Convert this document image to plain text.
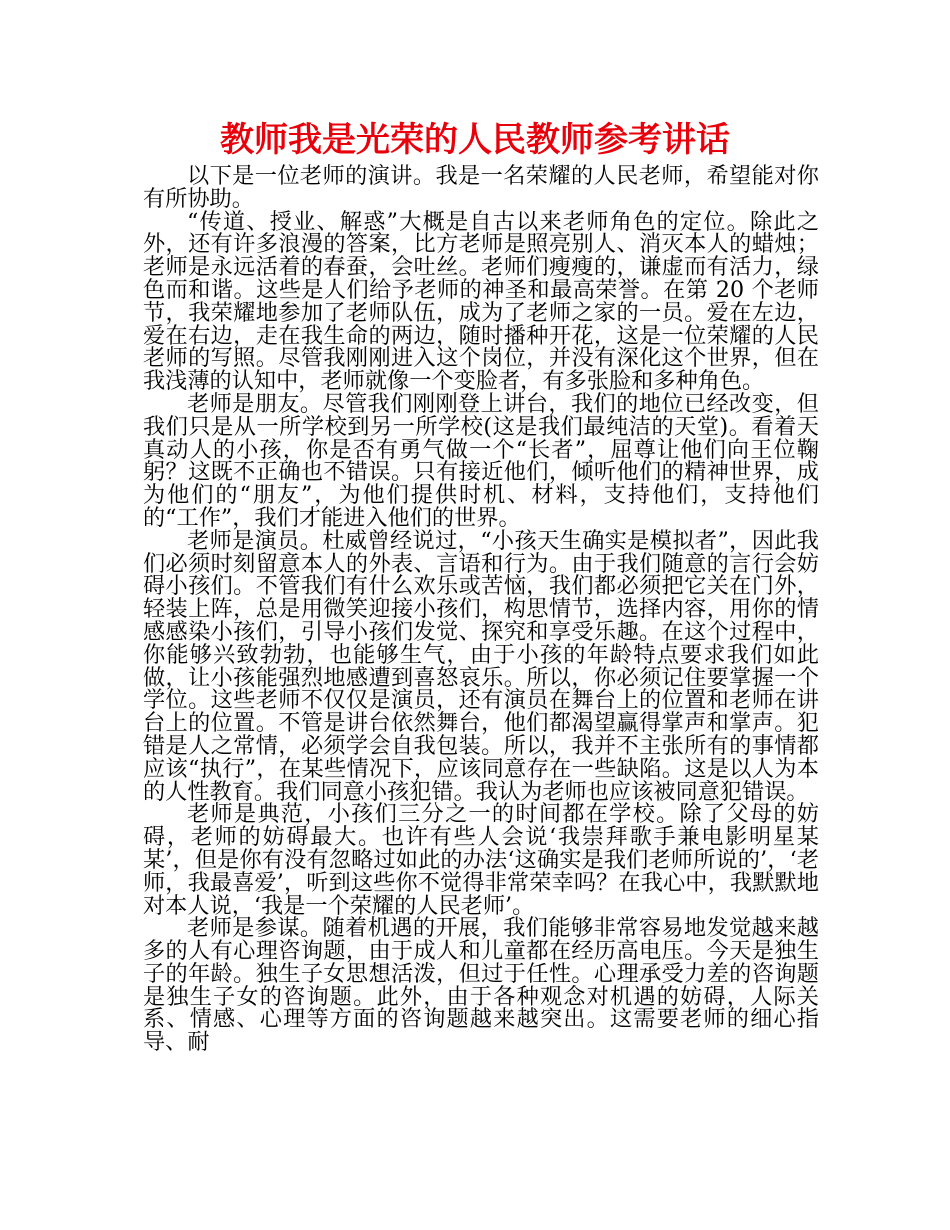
教师我是光荣的人民教师参考讲话

以下是一位老师的演讲。我是一名荣耀的人民老师，希望能对你有所协助。

“传道、授业、解惑”大概是自古以来老师角色的定位。除此之外，还有许多浪漫的答案，比方老师是照亮别人、消灭本人的蜡烛；老师是永远活着的春蚕，会吐丝。老师们瘦瘦的，谦虚而有活力，绿色而和谐。这些是人们给予老师的神圣和最高荣誉。在第 20 个老师节，我荣耀地参加了老师队伍，成为了老师之家的一员。爱在左边，爱在右边，走在我生命的两边，随时播种开花，这是一位荣耀的人民老师的写照。尽管我刚刚进入这个岗位，并没有深化这个世界，但在我浅薄的认知中，老师就像一个变脸者，有多张脸和多种角色。

老师是朋友。尽管我们刚刚登上讲台，我们的地位已经改变，但我们只是从一所学校到另一所学校(这是我们最纯洁的天堂)。看着天真动人的小孩，你是否有勇气做一个“长者”，屈尊让他们向王位鞠躬？这既不正确也不错误。只有接近他们，倾听他们的精神世界，成为他们的“朋友”，为他们提供时机、材料，支持他们，支持他们的“工作”，我们才能进入他们的世界。

老师是演员。杜威曾经说过，“小孩天生确实是模拟者”，因此我们必须时刻留意本人的外表、言语和行为。由于我们随意的言行会妨碍小孩们。不管我们有什么欢乐或苦恼，我们都必须把它关在门外，轻装上阵，总是用微笑迎接小孩们，构思情节，选择内容，用你的情感感染小孩们，引导小孩们发觉、探究和享受乐趣。在这个过程中，你能够兴致勃勃，也能够生气，由于小孩的年龄特点要求我们如此做，让小孩能强烈地感遭到喜怒哀乐。所以，你必须记住要掌握一个学位。这些老师不仅仅是演员，还有演员在舞台上的位置和老师在讲台上的位置。不管是讲台依然舞台，他们都渴望赢得掌声和掌声。犯错是人之常情，必须学会自我包装。所以，我并不主张所有的事情都应该“执行”，在某些情况下，应该同意存在一些缺陷。这是以人为本的人性教育。我们同意小孩犯错。我认为老师也应该被同意犯错误。

老师是典范，小孩们三分之一的时间都在学校。除了父母的妨碍，老师的妨碍最大。也许有些人会说‘我崇拜歌手兼电影明星某某’，但是你有没有忽略过如此的办法‘这确实是我们老师所说的’，‘老师，我最喜爱’，听到这些你不觉得非常荣幸吗？在我心中，我默默地对本人说，‘我是一个荣耀的人民老师’。

老师是参谋。随着机遇的开展，我们能够非常容易地发觉越来越多的人有心理咨询题，由于成人和儿童都在经历高电压。今天是独生子的年龄。独生子女思想活泼，但过于任性。心理承受力差的咨询题是独生子女的咨询题。此外，由于各种观念对机遇的妨碍，人际关系、情感、心理等方面的咨询题越来越突出。这需要老师的细心指导、耐
